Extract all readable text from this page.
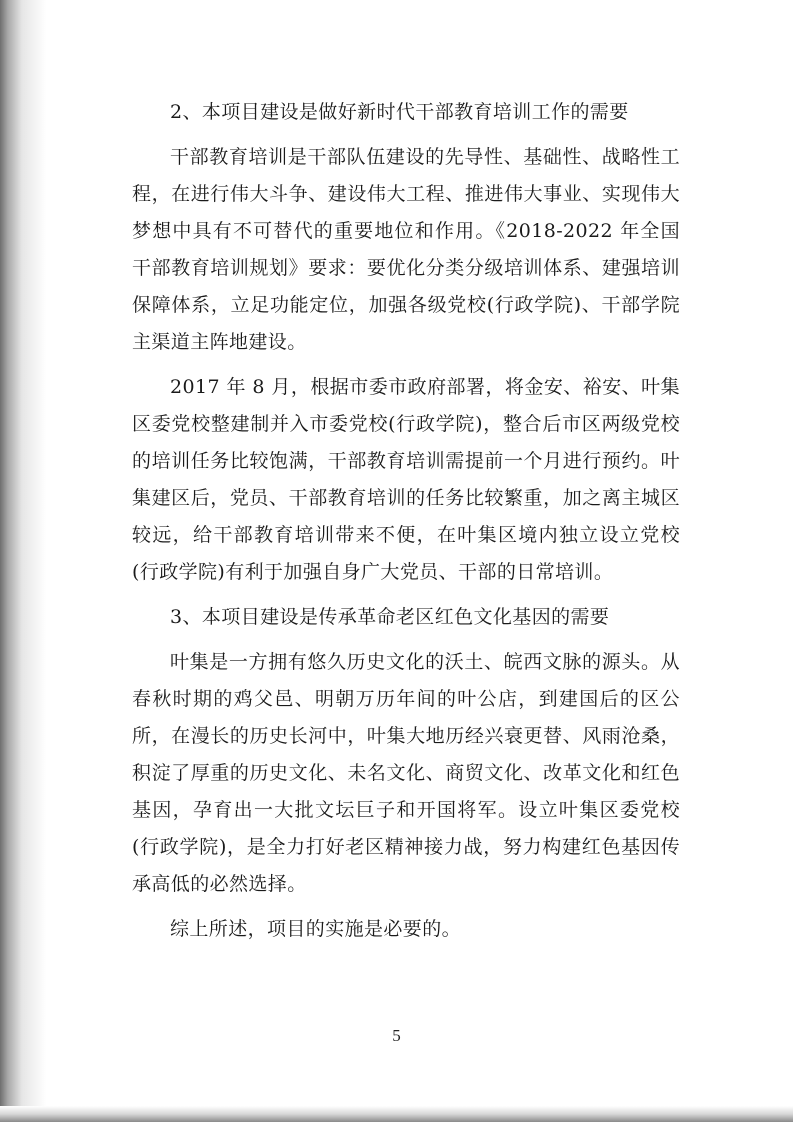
2、本项目建设是做好新时代干部教育培训工作的需要

干部教育培训是干部队伍建设的先导性、基础性、战略性工程，在进行伟大斗争、建设伟大工程、推进伟大事业、实现伟大梦想中具有不可替代的重要地位和作用。《2018-2022 年全国干部教育培训规划》要求：要优化分类分级培训体系、建强培训保障体系，立足功能定位，加强各级党校(行政学院)、干部学院主渠道主阵地建设。

2017 年 8 月，根据市委市政府部署，将金安、裕安、叶集区委党校整建制并入市委党校(行政学院)，整合后市区两级党校的培训任务比较饱满，干部教育培训需提前一个月进行预约。叶集建区后，党员、干部教育培训的任务比较繁重，加之离主城区较远，给干部教育培训带来不便，在叶集区境内独立设立党校(行政学院)有利于加强自身广大党员、干部的日常培训。

3、本项目建设是传承革命老区红色文化基因的需要

叶集是一方拥有悠久历史文化的沃土、皖西文脉的源头。从春秋时期的鸡父邑、明朝万历年间的叶公店，到建国后的区公所，在漫长的历史长河中，叶集大地历经兴衰更替、风雨沧桑，积淀了厚重的历史文化、未名文化、商贸文化、改革文化和红色基因，孕育出一大批文坛巨子和开国将军。设立叶集区委党校(行政学院)，是全力打好老区精神接力战，努力构建红色基因传承高低的必然选择。

综上所述，项目的实施是必要的。

5
